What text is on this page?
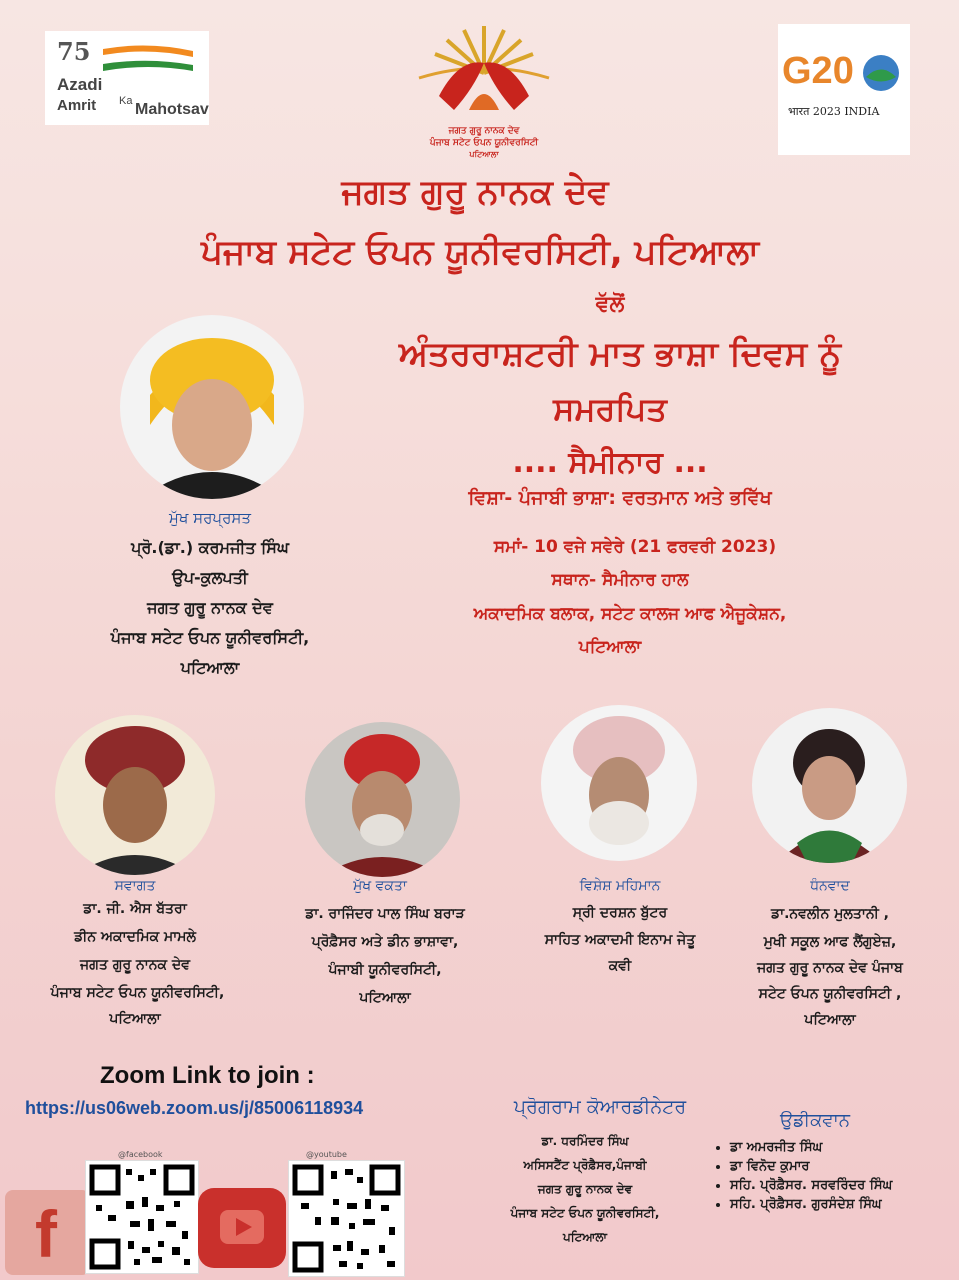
75
Azadi
Ka
Amrit Mahotsav
ਜਗਤ ਗੁਰੂ ਨਾਨਕ ਦੇਵ
ਪੰਜਾਬ ਸਟੇਟ ਓਪਨ ਯੂਨੀਵਰਸਿਟੀ
ਪਟਿਆਲਾ
G20
भारत 2023 INDIA
ਜਗਤ ਗੁਰੂ ਨਾਨਕ ਦੇਵ
ਪੰਜਾਬ ਸਟੇਟ ਓਪਨ ਯੂਨੀਵਰਸਿਟੀ, ਪਟਿਆਲਾ
ਵੱਲੋਂ
ਅੰਤਰਰਾਸ਼ਟਰੀ ਮਾਤ ਭਾਸ਼ਾ ਦਿਵਸ ਨੂੰ
ਸਮਰਪਿਤ
.... ਸੈਮੀਨਾਰ ...
ਵਿਸ਼ਾ- ਪੰਜਾਬੀ ਭਾਸ਼ਾ: ਵਰਤਮਾਨ ਅਤੇ ਭਵਿੱਖ
ਸਮਾਂ- 10 ਵਜੇ ਸਵੇਰੇ (21 ਫਰਵਰੀ 2023)
ਸਥਾਨ- ਸੈਮੀਨਾਰ ਹਾਲ
ਅਕਾਦਮਿਕ ਬਲਾਕ, ਸਟੇਟ ਕਾਲਜ ਆਫ ਐਜੂਕੇਸ਼ਨ,
ਪਟਿਆਲਾ
ਮੁੱਖ ਸਰਪ੍ਰਸਤ
ਪ੍ਰੋ.(ਡਾ.) ਕਰਮਜੀਤ ਸਿੰਘ
ਉਪ-ਕੁਲਪਤੀ
ਜਗਤ ਗੁਰੂ ਨਾਨਕ ਦੇਵ
ਪੰਜਾਬ ਸਟੇਟ ਓਪਨ ਯੂਨੀਵਰਸਿਟੀ,
ਪਟਿਆਲਾ
ਸਵਾਗਤ
ਡਾ. ਜੀ. ਐਸ ਬੱਤਰਾ
ਡੀਨ ਅਕਾਦਮਿਕ ਮਾਮਲੇ
ਜਗਤ ਗੁਰੂ ਨਾਨਕ ਦੇਵ
ਪੰਜਾਬ ਸਟੇਟ ਓਪਨ ਯੂਨੀਵਰਸਿਟੀ,
ਪਟਿਆਲਾ
ਮੁੱਖ ਵਕਤਾ
ਡਾ. ਰਾਜਿੰਦਰ ਪਾਲ ਸਿੰਘ ਬਰਾੜ
ਪ੍ਰੋਫ਼ੈਸਰ ਅਤੇ ਡੀਨ ਭਾਸ਼ਾਵਾ,
ਪੰਜਾਬੀ ਯੂਨੀਵਰਸਿਟੀ,
ਪਟਿਆਲਾ
ਵਿਸ਼ੇਸ਼ ਮਹਿਮਾਨ
ਸ੍ਰੀ ਦਰਸ਼ਨ ਬੁੱਟਰ
ਸਾਹਿਤ ਅਕਾਦਮੀ ਇਨਾਮ ਜੇਤੂ
ਕਵੀ
ਧੰਨਵਾਦ
ਡਾ.ਨਵਲੀਨ ਮੁਲਤਾਨੀ ,
ਮੁਖੀ ਸਕੂਲ ਆਫ ਲੈਂਗੁਏਜ਼,
ਜਗਤ ਗੁਰੂ ਨਾਨਕ ਦੇਵ ਪੰਜਾਬ
ਸਟੇਟ ਓਪਨ ਯੂਨੀਵਰਸਿਟੀ ,
ਪਟਿਆਲਾ
Zoom Link to join :
https://us06web.zoom.us/j/85006118934
@facebook	@youtube
f
ਪ੍ਰੋਗਰਾਮ ਕੋਆਰਡੀਨੇਟਰ
ਡਾ. ਧਰਮਿੰਦਰ ਸਿੰਘ
ਅਸਿਸਟੈਂਟ ਪ੍ਰੋਫ਼ੈਸਰ,ਪੰਜਾਬੀ
ਜਗਤ ਗੁਰੂ ਨਾਨਕ ਦੇਵ
ਪੰਜਾਬ ਸਟੇਟ ਓਪਨ ਯੂਨੀਵਰਸਿਟੀ,
ਪਟਿਆਲਾ
ਉਡੀਕਵਾਨ
• ਡਾ ਅਮਰਜੀਤ ਸਿੰਘ
• ਡਾ ਵਿਨੋਦ ਕੁਮਾਰ
• ਸਹਿ. ਪ੍ਰੋਫ਼ੈਸਰ. ਸਰਵਰਿੰਦਰ ਸਿੰਘ
• ਸਹਿ. ਪ੍ਰੋਫ਼ੈਸਰ. ਗੁਰਸੰਦੇਸ਼ ਸਿੰਘ
